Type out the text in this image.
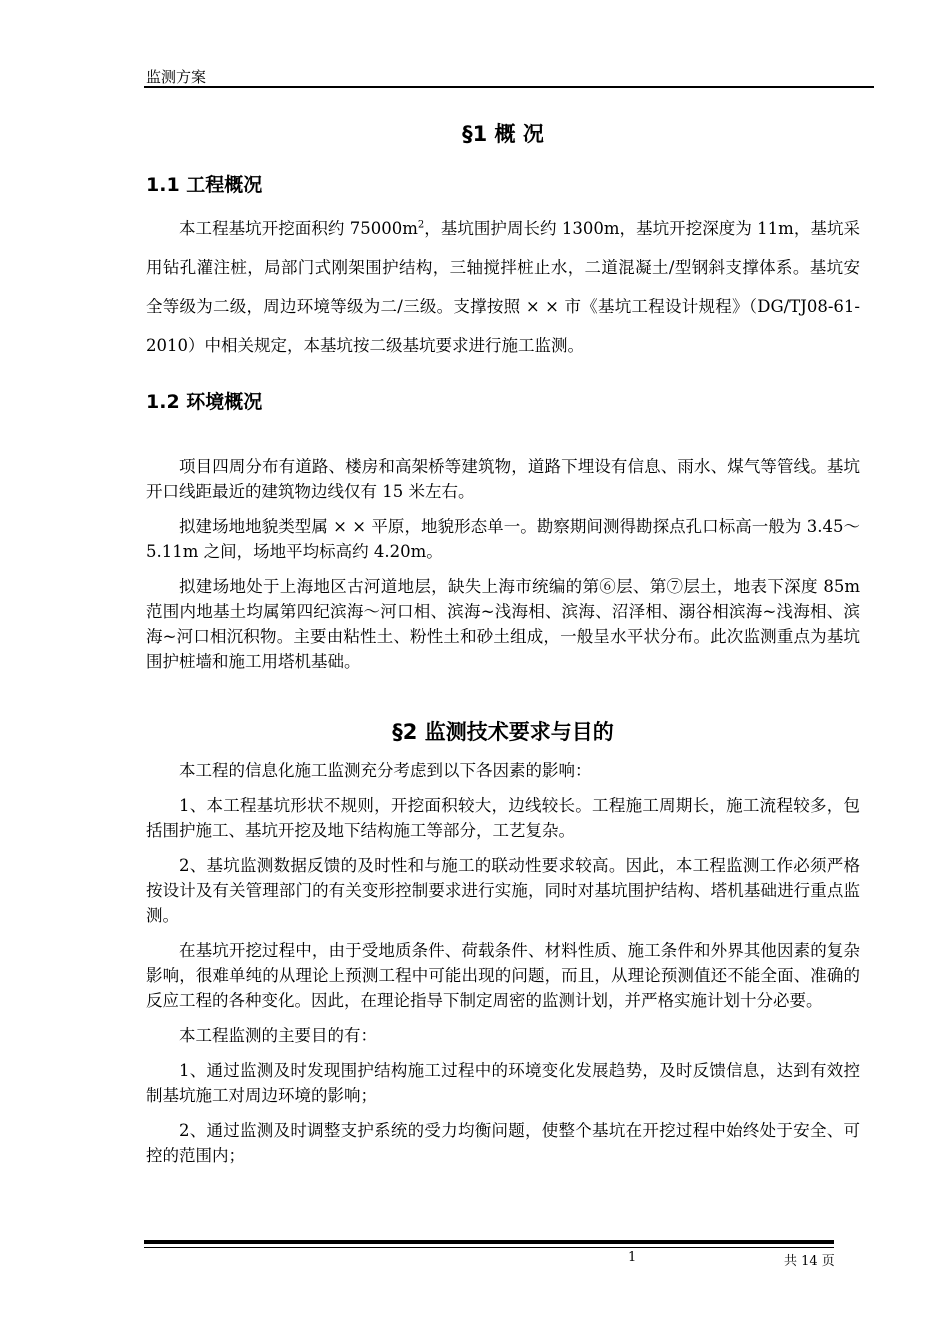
监测方案
§1 概 况
1.1 工程概况

本工程基坑开挖面积约 $75000m^2$，基坑围护周长约 1300m，基坑开挖深度为 11m，基坑采用钻孔灌注桩，局部门式刚架围护结构，三轴搅拌桩止水，二道混凝土/型钢斜支撑体系。基坑安全等级为二级，周边环境等级为二/三级。支撑按照 × × 市《基坑工程设计规程》（DG/TJ08-61-2010）中相关规定，本基坑按二级基坑要求进行施工监测。

1.2 环境概况

项目四周分布有道路、楼房和高架桥等建筑物，道路下埋设有信息、雨水、煤气等管线。基坑开口线距最近的建筑物边线仅有 15 米左右。

拟建场地地貌类型属 × × 平原，地貌形态单一。勘察期间测得勘探点孔口标高一般为 3.45～5.11m 之间，场地平均标高约 4.20m。

拟建场地处于上海地区古河道地层，缺失上海市统编的第⑥层、第⑦层土，地表下深度 85m 范围内地基土均属第四纪滨海～河口相、滨海~浅海相、滨海、沼泽相、溺谷相滨海~浅海相、滨海~河口相沉积物。主要由粘性土、粉性土和砂土组成，一般呈水平状分布。此次监测重点为基坑围护桩墙和施工用塔机基础。

§2 监测技术要求与目的

本工程的信息化施工监测充分考虑到以下各因素的影响：

1、本工程基坑形状不规则，开挖面积较大，边线较长。工程施工周期长，施工流程较多，包括围护施工、基坑开挖及地下结构施工等部分，工艺复杂。

2、基坑监测数据反馈的及时性和与施工的联动性要求较高。因此，本工程监测工作必须严格按设计及有关管理部门的有关变形控制要求进行实施，同时对基坑围护结构、塔机基础进行重点监测。

在基坑开挖过程中，由于受地质条件、荷载条件、材料性质、施工条件和外界其他因素的复杂影响，很难单纯的从理论上预测工程中可能出现的问题，而且，从理论预测值还不能全面、准确的反应工程的各种变化。因此，在理论指导下制定周密的监测计划，并严格实施计划十分必要。

本工程监测的主要目的有：

1、通过监测及时发现围护结构施工过程中的环境变化发展趋势，及时反馈信息，达到有效控制基坑施工对周边环境的影响；

2、通过监测及时调整支护系统的受力均衡问题，使整个基坑在开挖过程中始终处于安全、可控的范围内；

1	共 14 页
